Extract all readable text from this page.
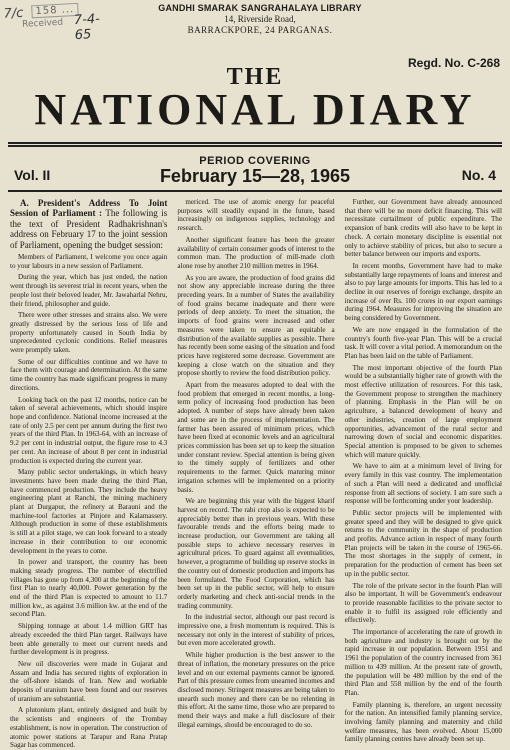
7/c	158 ...
Received 7-4-65
GANDHI SMARAK SANGRAHALAYA LIBRARY
14, Riverside Road,
BARRACKPORE, 24 PARGANAS.
Regd. No. C-268
THE
NATIONAL DIARY
PERIOD COVERING
Vol. II	February 15—28, 1965	No. 4

A. President's Address To Joint Session of Parliament : The following is the text of President Radhakrishnan's address on February 17 to the joint session of Parliament, opening the budget session:

Members of Parliament, I welcome you once again to your labours in a new session of Parliament.

During the year, which has just ended, the nation went through its severest trial in recent years, when the people lost their beloved leader, Mr. Jawaharlal Nehru, their friend, philosopher and guide.

There were other stresses and strains also. We were greatly distressed by the serious loss of life and property unfortunately caused in South India by unprecedented cyclonic conditions. Relief measures were promptly taken.

Some of our difficulties continue and we have to face them with courage and determination. At the same time the country has made significant progress in many directions.

Looking back on the past 12 months, notice can be taken of several achievements, which should inspire hope and confidence. National income increased at the rate of only 2.5 per cent per annum during the first two years of the third Plan. In 1963-64, with an increase of 9.2 per cent in industrial output, the figure rose to 4.3 per cent. An increase of about 8 per cent in industrial production is expected during the current year.

Many public sector undertakings, in which heavy investments have been made during the third Plan, have commenced production. They include the heavy engineering plant at Ranchi, the mining machinery plant at Durgapur, the refinery at Barauni and the machine-tool factories at Pinjore and Kalamassery. Although production in some of these establishments is still at a pilot stage, we can look forward to a steady increase in their contribution to our economic development in the years to come.

In power and transport, the country has been making steady progress. The number of electrified villages has gone up from 4,300 at the beginning of the first Plan to nearly 40,000. Power generation by the end of the third Plan is expected to amount to 11.7 million kw., as against 3.6 million kw. at the end of the second Plan.

Shipping tonnage at about 1.4 million GRT has already exceeded the third Plan target. Railways have been able generally to meet our current needs and further development is in progress.

New oil discoveries were made in Gujarat and Assam and India has secured rights of exploration in the off-shore islands of Iran. New and workable deposits of uranium have been found and our reserves of uranium are substantial.

A plutonium plant, entirely designed and built by the scientists and engineers of the Trombay establishment, is now in operation. The construction of atomic power stations at Tarapur and Rana Pratap Sagar has commenced.

mericed. The use of atomic energy for peaceful purposes will steadily expand in the future, based increasingly on indigenous supplies, technology and research.

Another significant feature has been the greater availability of certain consumer goods of interest to the common man. The production of mill-made cloth alone rose by another 210 million metres in 1964.

As you are aware, the production of food grains did not show any appreciable increase during the three preceding years. In a number of States the availability of food grains became inadequate and there were periods of deep anxiety. To meet the situation, the imports of food grains were increased and other measures were taken to ensure an equitable a distribution of the available supplies as possible. There has recently been some easing of the situation and food prices have registered some decrease. Government are keeping a close watch on the situation and they propose shortly to review the food distribution policy.

Apart from the measures adopted to deal with the food problem that emerged in recent months, a long-term policy of increasing food production has been adopted. A number of steps have already been taken and some are in the process of implementation. The farmer has been assured of minimum prices, which have been fixed at economic levels and an agricultural prices commission has been set up to keep the situation under constant review. Special attention is being given to the timely supply of fertilizers and other requirements to the farmer. Quick maturing minor irrigation schemes will be implemented on a priority basis.

We are beginning this year with the biggest kharif harvest on record. The rabi crop also is expected to be appreciably better than in previous years. With these favourable trends and the efforts being made to increase production, our Government are taking all possible steps to achieve necessary reserves in agricultural prices. To guard against all eventualities, however, a programme of building up reserve stocks in the country out of domestic production and imports has been formulated. The Food Corporation, which has been set up in the public sector, will help to ensure orderly marketing and check anti-social trends in the trading community.

In the industrial sector, although our past record is impressive one, a fresh momentum is required. This is necessary not only in the interest of stability of prices, but even more accelerated growth.

While higher production is the best answer to the threat of inflation, the monetary pressures on the price level and on our external payments cannot be ignored. Part of this pressure comes from unearned incomes and disclosed money. Stringent measures are being taken to unearth such money and there can be no relenting in this effort. At the same time, those who are prepared to mend their ways and make a full disclosure of their illegal earnings, should be encouraged to do so.

Further, our Government have already announced that there will be no more deficit financing. This will necessitate curtailment of public expenditure. The expansion of bank credits will also have to be kept in check. A certain monetary discipline is essential not only to achieve stability of prices, but also to secure a better balance between our imports and exports.

In recent months, Government have had to make substantially large repayments of loans and interest and also to pay large amounts for imports. This has led to a decline in our reserves of foreign exchange, despite an increase of over Rs. 100 crores in our export earnings during 1964. Measures for improving the situation are being considered by Government.

We are now engaged in the formulation of the country's fourth five-year Plan. This will be a crucial task. It will cover a vital period. A memorandum on the Plan has been laid on the table of Parliament.

The most important objective of the fourth Plan would be a substantially higher rate of growth with the most effective utilization of resources. For this task, the Government propose to strengthen the machinery of planning. Emphasis in the Plan will be on agriculture, a balanced development of heavy and other industries, creation of large employment opportunities, advancement of the rural sector and narrowing down of social and economic disparities. Special attention is proposed to be given to schemes which will mature quickly.

We have to aim at a minimum level of living for every family in this vast country. The implementation of such a Plan will need a dedicated and unofficial response from all sections of society. I am sure such a response will be forthcoming under your leadership.

Public sector projects will be implemented with greater speed and they will be designed to give quick returns to the community in the shape of production and profits. Advance action in respect of many fourth Plan projects will be taken in the course of 1965-66. The most shortages in the supply of cement, in preparation for the production of cement has been set up in the public sector.

The role of the private sector in the fourth Plan will also be important. It will be Government's endeavour to provide reasonable facilities to the private sector to enable it to fulfil its assigned role efficiently and effectively.

The importance of accelerating the rate of growth in both agriculture and industry is brought out by the rapid increase in our population. Between 1951 and 1961 the population of the country increased from 361 million to 439 million. At the present rate of growth, the population will be 480 million by the end of the third Plan and 558 million by the end of the fourth Plan.

Family planning is, therefore, an urgent necessity for the nation. An intensified family planning service, involving family planning and maternity and child welfare measures, has been evolved. About 15,000 family planning centres have already been set up.
